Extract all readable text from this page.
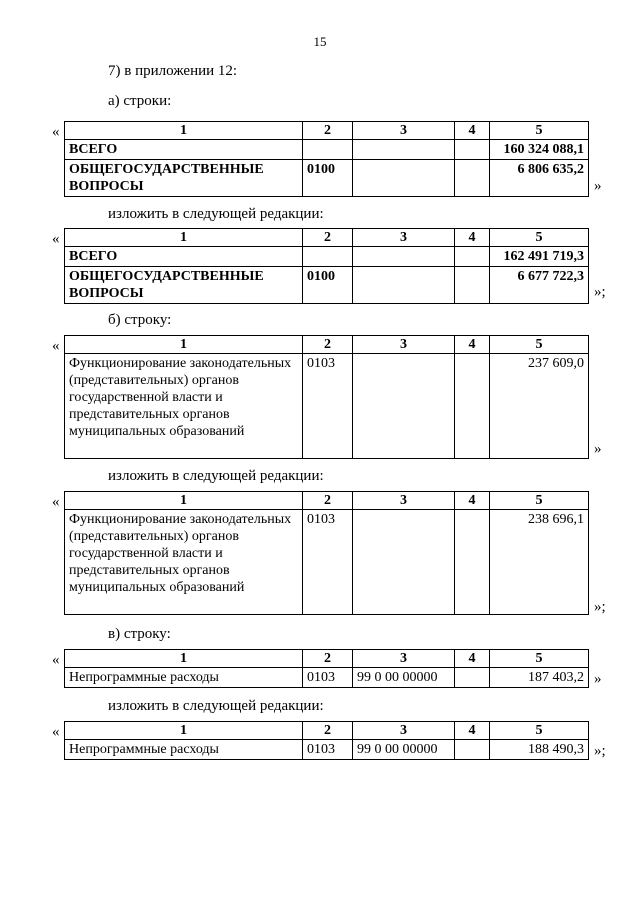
15
7) в приложении 12:
а) строки:
«	1	2	3	4	5
ВСЕГО				160 324 088,1
ОБЩЕГОСУДАРСТВЕННЫЕ ВОПРОСЫ	0100			6 806 635,2
»
изложить в следующей редакции:
«	1	2	3	4	5
ВСЕГО				162 491 719,3
ОБЩЕГОСУДАРСТВЕННЫЕ ВОПРОСЫ	0100			6 677 722,3
»;
б) строку:
«	1	2	3	4	5
Функционирование законодательных (представительных) органов государственной власти и представительных органов муниципальных образований	0103			237 609,0
»
изложить в следующей редакции:
«	1	2	3	4	5
Функционирование законодательных (представительных) органов государственной власти и представительных органов муниципальных образований	0103			238 696,1
»;
в) строку:
«	1	2	3	4	5
Непрограммные расходы	0103	99 0 00 00000		187 403,2 »
изложить в следующей редакции:
«	1	2	3	4	5
Непрограммные расходы	0103	99 0 00 00000		188 490,3 »;
